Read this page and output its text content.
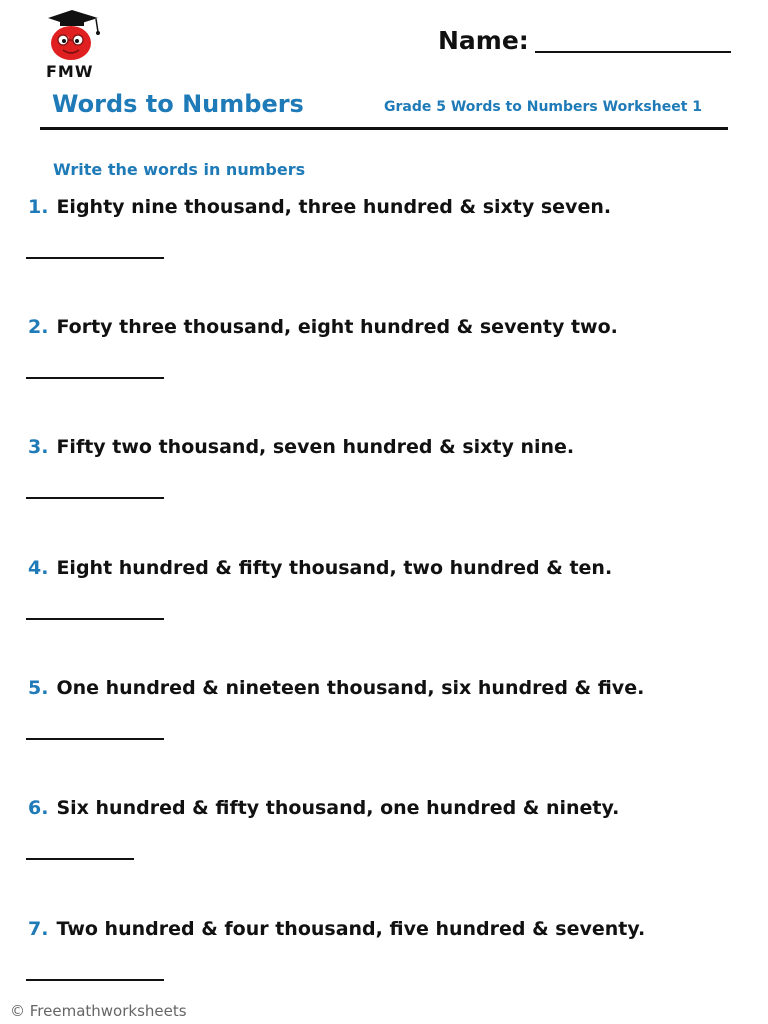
FMW
Name:
Words to Numbers	Grade 5 Words to Numbers Worksheet 1
Write the words in numbers
1. Eighty nine thousand, three hundred & sixty seven.
2. Forty three thousand, eight hundred & seventy two.
3. Fifty two thousand, seven hundred & sixty nine.
4. Eight hundred & fifty thousand, two hundred & ten.
5. One hundred & nineteen thousand, six hundred & five.
6. Six hundred & fifty thousand, one hundred & ninety.
7. Two hundred & four thousand, five hundred & seventy.
© Freemathworksheets
